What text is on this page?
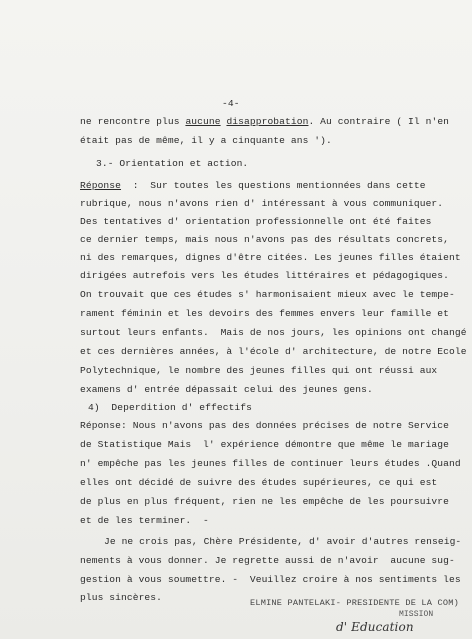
-4-
ne rencontre plus aucune disapprobation. Au contraire ( Il n'en
était pas de même, il y a cinquante ans ').
3.- Orientation et action.
Réponse  :  Sur toutes les questions mentionnées dans cette
rubrique, nous n'avons rien d' intéressant à vous communiquer.
Des tentatives d' orientation professionnelle ont été faites
ce dernier temps, mais nous n'avons pas des résultats concrets,
ni des remarques, dignes d'être citées. Les jeunes filles étaient
dirigées autrefois vers les études littéraires et pédagogiques.
On trouvait que ces études s' harmonisaient mieux avec le tempe-
rament féminin et les devoirs des femmes envers leur famille et
surtout leurs enfants.  Mais de nos jours, les opinions ont changé
et ces dernières années, à l'école d' architecture, de notre Ecole
Polytechnique, le nombre des jeunes filles qui ont réussi aux
examens d' entrée dépassait celui des jeunes gens.
4)  Deperdition d' effectifs
Réponse: Nous n'avons pas des données précises de notre Service
de Statistique Mais  l' expérience démontre que même le mariage
n' empêche pas les jeunes filles de continuer leurs études .Quand
elles ont décidé de suivre des études supérieures, ce qui est
de plus en plus fréquent, rien ne les empêche de les poursuivre
et de les terminer.  -
Je ne crois pas, Chère Présidente, d' avoir d'autres renseig-
nements à vous donner. Je regrette aussi de n'avoir  aucune sug-
gestion à vous soumettre. -  Veuillez croire à nos sentiments les
plus sincères.	ELMINE PANTELAKI- PRESIDENTE DE LA COM)
MISSION
d' Education
